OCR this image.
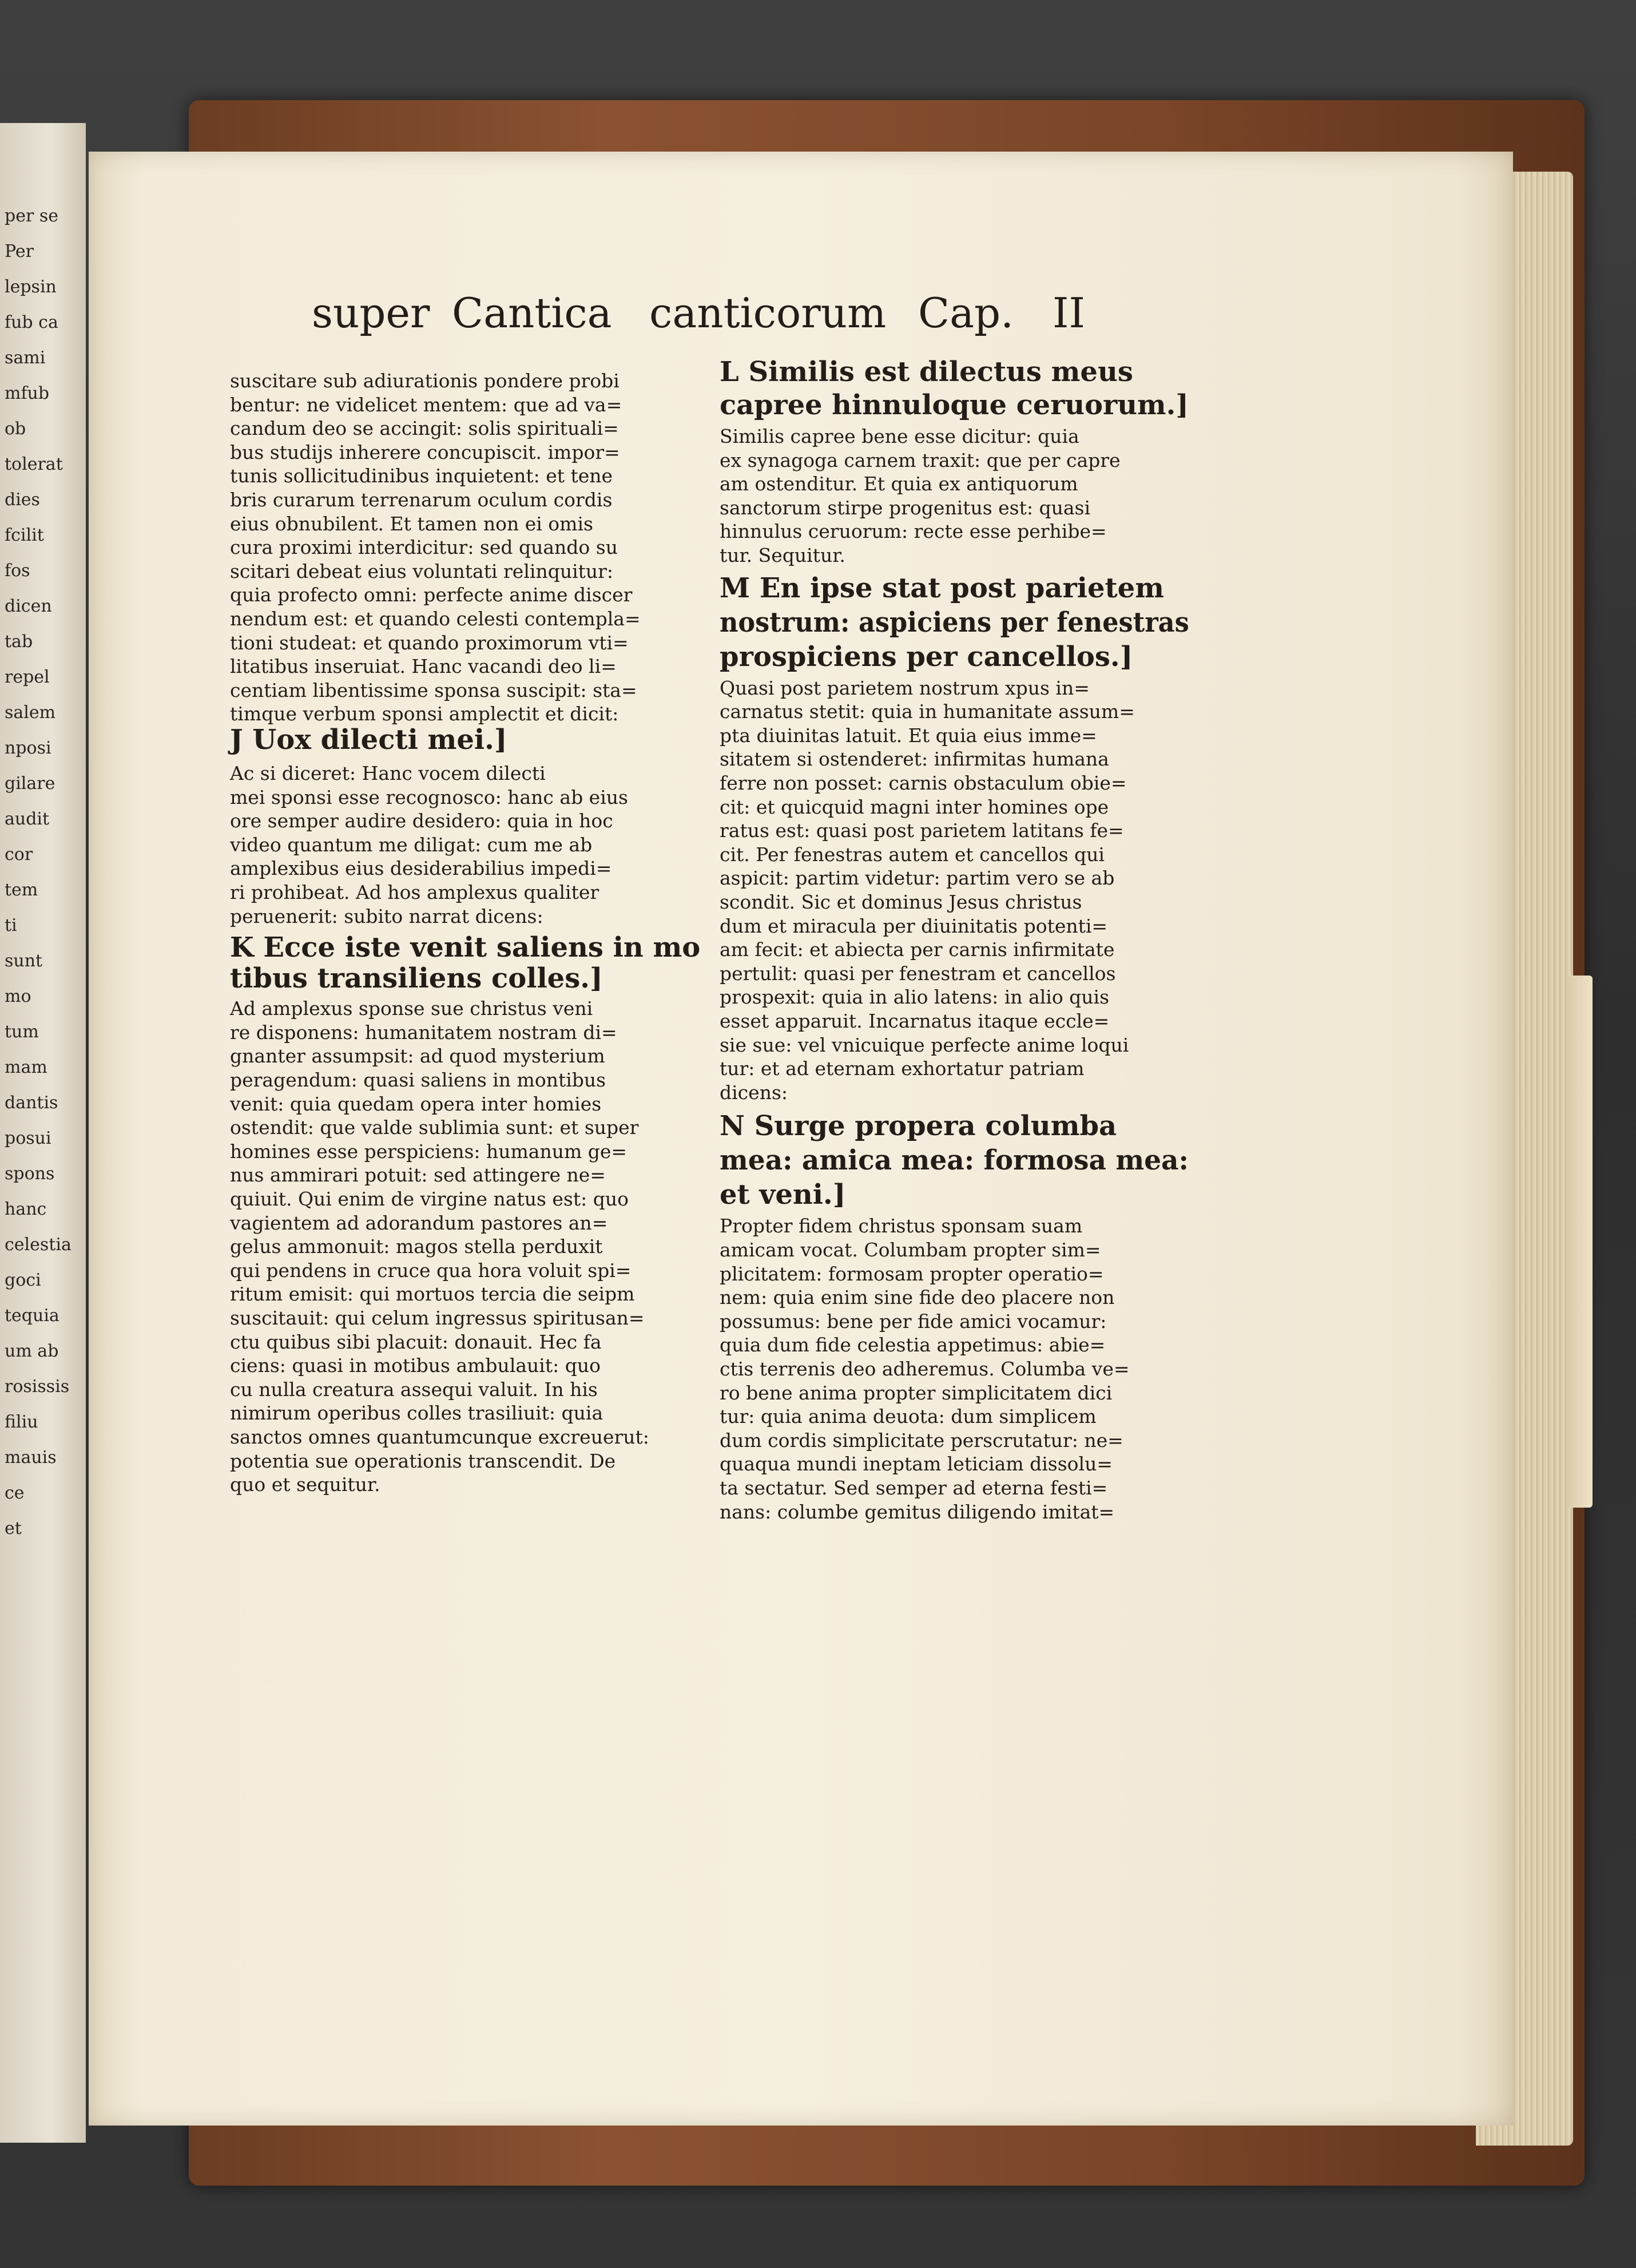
per se
Per
lepsin
fub ca
sami
mfub
ob
tolerat
dies
fcilit
fos
dicen
tab
repel
salem
nposi
gilare
audit
cor
tem
ti
sunt
mo
tum
mam
dantis
posui
spons
hanc
celestia
goci
tequia
um ab
rosissis
filiu
mauis
ce
et
super Cantica canticorum Cap. II
suscitare sub adiurationis pondere probi
bentur: ne videlicet mentem: que ad va=
candum deo se accingit: solis spirituali=
bus studijs inherere concupiscit. impor=
tunis sollicitudinibus inquietent: et tene
bris curarum terrenarum oculum cordis
eius obnubilent. Et tamen non ei omis
cura proximi interdicitur: sed quando su
scitari debeat eius voluntati relinquitur:
quia profecto omni: perfecte anime discer
nendum est: et quando celesti contempla=
tioni studeat: et quando proximorum vti=
litatibus inseruiat. Hanc vacandi deo li=
centiam libentissime sponsa suscipit: sta=
timque verbum sponsi amplectit et dicit:
J Uox dilecti mei.]
Ac si diceret: Hanc vocem dilecti
mei sponsi esse recognosco: hanc ab eius
ore semper audire desidero: quia in hoc
video quantum me diligat: cum me ab
amplexibus eius desiderabilius impedi=
ri prohibeat. Ad hos amplexus qualiter
peruenerit: subito narrat dicens:
K Ecce iste venit saliens in mo
tibus transiliens colles.]
Ad amplexus sponse sue christus veni
re disponens: humanitatem nostram di=
gnanter assumpsit: ad quod mysterium
peragendum: quasi saliens in montibus
venit: quia quedam opera inter homies
ostendit: que valde sublimia sunt: et super
homines esse perspiciens: humanum ge=
nus ammirari potuit: sed attingere ne=
quiuit. Qui enim de virgine natus est: quo
vagientem ad adorandum pastores an=
gelus ammonuit: magos stella perduxit
qui pendens in cruce qua hora voluit spi=
ritum emisit: qui mortuos tercia die seipm
suscitauit: qui celum ingressus spiritusan=
ctu quibus sibi placuit: donauit. Hec fa
ciens: quasi in motibus ambulauit: quo
cu nulla creatura assequi valuit. In his
nimirum operibus colles trasiliuit: quia
sanctos omnes quantumcunque excreuerut:
potentia sue operationis transcendit. De
quo et sequitur.
L Similis est dilectus meus
capree hinnuloque ceruorum.]
Similis capree bene esse dicitur: quia
ex synagoga carnem traxit: que per capre
am ostenditur. Et quia ex antiquorum
sanctorum stirpe progenitus est: quasi
hinnulus ceruorum: recte esse perhibe=
tur. Sequitur.
M En ipse stat post parietem
nostrum: aspiciens per fenestras
prospiciens per cancellos.]
Quasi post parietem nostrum xpus in=
carnatus stetit: quia in humanitate assum=
pta diuinitas latuit. Et quia eius imme=
sitatem si ostenderet: infirmitas humana
ferre non posset: carnis obstaculum obie=
cit: et quicquid magni inter homines ope
ratus est: quasi post parietem latitans fe=
cit. Per fenestras autem et cancellos qui
aspicit: partim videtur: partim vero se ab
scondit. Sic et dominus Jesus christus
dum et miracula per diuinitatis potenti=
am fecit: et abiecta per carnis infirmitate
pertulit: quasi per fenestram et cancellos
prospexit: quia in alio latens: in alio quis
esset apparuit. Incarnatus itaque eccle=
sie sue: vel vnicuique perfecte anime loqui
tur: et ad eternam exhortatur patriam
dicens:
N Surge propera columba
mea: amica mea: formosa mea:
et veni.]
Propter fidem christus sponsam suam
amicam vocat. Columbam propter sim=
plicitatem: formosam propter operatio=
nem: quia enim sine fide deo placere non
possumus: bene per fide amici vocamur:
quia dum fide celestia appetimus: abie=
ctis terrenis deo adheremus. Columba ve=
ro bene anima propter simplicitatem dici
tur: quia anima deuota: dum simplicem
dum cordis simplicitate perscrutatur: ne=
quaqua mundi ineptam leticiam dissolu=
ta sectatur. Sed semper ad eterna festi=
nans: columbe gemitus diligendo imitat=
